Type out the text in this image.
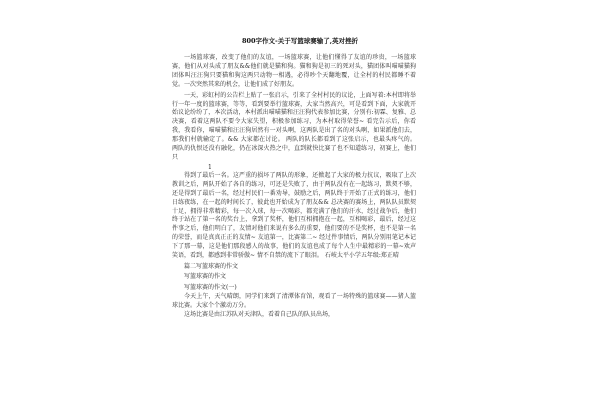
800字作文-关于写篮球赛输了,英对挫折

一场篮球赛，改变了他们的友谊，一场篮球赛，让他们懂得了友谊的珍贵，一场篮球赛，他们从对头成了朋友&&他们就是猫和狗。猫和狗是初三的死对头，猫团体叫喵喵猫狗团体叫汪汪狗只要猫和狗这两只动物一相遇，必得吵个天翻地覆，让全村的村民都睡不着觉。一次突然其来的机会，让他们成了好朋友。

一天，彩虹村的公告栏上贴了一张启示，引来了全村村民的议论，上面写着:本村即将举行一年一度的篮球赛，等等，看到要举行篮球赛，大家当然高兴，可是看到下面，大家就开始议论纷纷了，本次活动，本村派出喵喵猫和汪汪狗代表参加比赛，分别有:初霖、复雅、总决赛，看着这两队不要令大家失望，积极参加练习，为本村取得荣誉~ 看完告示后，你看我，我看你，喵喵猫和汪汪狗居然有一对头啊，这两队是出了名的对头啊，如果派他们去，那我们村就输定了。&& 大家都在讨论。 两队的队长都看到了这张启示，也最头疼气的。 两队的仇恨还没有融化，仍在冰深火热之中，直到就快比赛了也不知道练习，初赛上，他们只

1

得到了最后一名。这严重的损坏了两队的形象，还掀起了大家的极力抗议，吸取了上次教训之后，两队开始了各自的练习，可还是失败了，由于两队没有在一起练习，默契不够，还是得到了最后一名，经过村民们一番劝导，鼓励之后，两队终于开始了正式的练习，他们日练夜练，在一起的时间长了，彼此也开始成为了朋友&& 总决赛的赛场上，两队队员默契十足，拥得非常精彩，每一次入球，每一次喝彩，都充满了他们的汗水，经过战争后，他们终于站在了第一名的奖台上，拿到了奖杯，他们互相拥抱在一起，互相喝彩，最后，经过这件事之后，他们明白了，友情对他们来说有多么的重要，他们要的不是奖杯，也不是第一名的荣誉，而是真真正正的友情~ 友谊第一，比赛第二~ 经过件事情后，两队分别用笔记本记下了那一幕，这是他们那段感人的故事，他们的友谊也成了每个人生中最精彩的一幕~欢声笑语，看到，都感到非常骄傲~ 情不自禁的流下了眼泪。 石岐太平小学五年级:郑正晴

篇二写篮球赛的作文

写篮球赛的作文

写篮球赛的作文(一)

今天上午，天气晴朗，同学们来到了清潭体育馆，观看了一场特殊的篮球赛——猪人篮球比赛。大家个个激动万分。

这场比赛是由江苏队对天津队，看着自己队的队员出场，
